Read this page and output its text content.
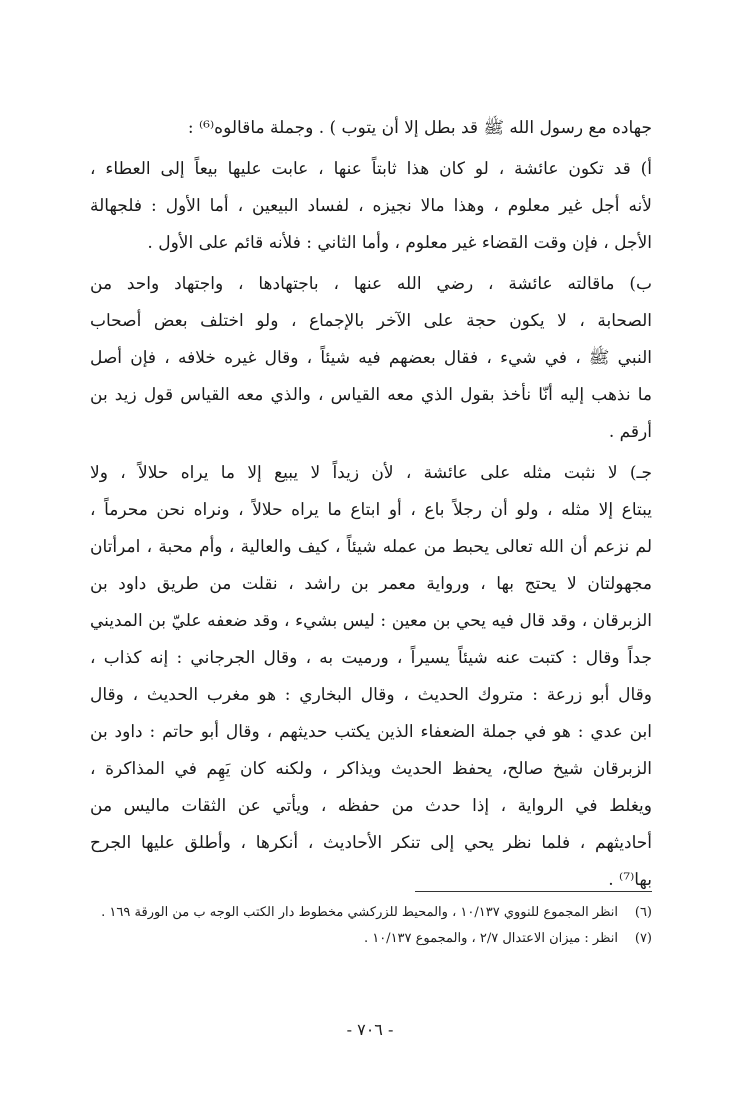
جهاده مع رسول الله ﷺ قد بطل إلا أن يتوب ) . وجملة ماقالوه⁽⁶⁾ :
أ) قد تكون عائشة ، لو كان هذا ثابتاً عنها ، عابت عليها بيعاً إلى العطاء ،
لأنه أجل غير معلوم ، وهذا مالا نجيزه ، لفساد البيعين ، أما الأول : فلجهالة
الأجل ، فإن وقت القضاء غير معلوم ، وأما الثاني : فلأنه قائم على الأول .
ب) ماقالته عائشة ، رضي الله عنها ، باجتهادها ، واجتهاد واحد من
الصحابة ، لا يكون حجة على الآخر بالإجماع ، ولو اختلف بعض أصحاب
النبي ﷺ ، في شيء ، فقال بعضهم فيه شيئاً ، وقال غيره خلافه ، فإن أصل
ما نذهب إليه أنّا نأخذ بقول الذي معه القياس ، والذي معه القياس قول زيد بن
أرقم .
جـ) لا نثبت مثله على عائشة ، لأن زيداً لا يبيع إلا ما يراه حلالاً ، ولا
يبتاع إلا مثله ، ولو أن رجلاً باع ، أو ابتاع ما يراه حلالاً ، ونراه نحن محرماً ،
لم نزعم أن الله تعالى يحبط من عمله شيئاً ، كيف والعالية ، وأم محبة ، امرأتان
مجهولتان لا يحتج بها ، ورواية معمر بن راشد ، نقلت من طريق داود بن
الزبرقان ، وقد قال فيه يحي بن معين : ليس بشيء ، وقد ضعفه عليّ بن المديني
جداً وقال : كتبت عنه شيئاً يسيراً ، ورميت به ، وقال الجرجاني : إنه كذاب ،
وقال أبو زرعة : متروك الحديث ، وقال البخاري : هو مغرب الحديث ، وقال
ابن عدي : هو في جملة الضعفاء الذين يكتب حديثهم ، وقال أبو حاتم : داود بن
الزبرقان شيخ صالح، يحفظ الحديث ويذاكر ، ولكنه كان يَهِم في المذاكرة ،
ويغلط في الرواية ، إذا حدث من حفظه ، ويأتي عن الثقات ماليس من
أحاديثهم ، فلما نظر يحي إلى تنكر الأحاديث ، أنكرها ، وأطلق عليها الجرح
بها⁽⁷⁾ .
(٦)
انظر المجموع للنووي ١٠/١٣٧ ، والمحيط للزركشي مخطوط دار الكتب الوجه ب من الورقة ١٦٩ .
(٧)
انظر : ميزان الاعتدال ٢/٧ ، والمجموع ١٠/١٣٧ .
- ٧٠٦ -
